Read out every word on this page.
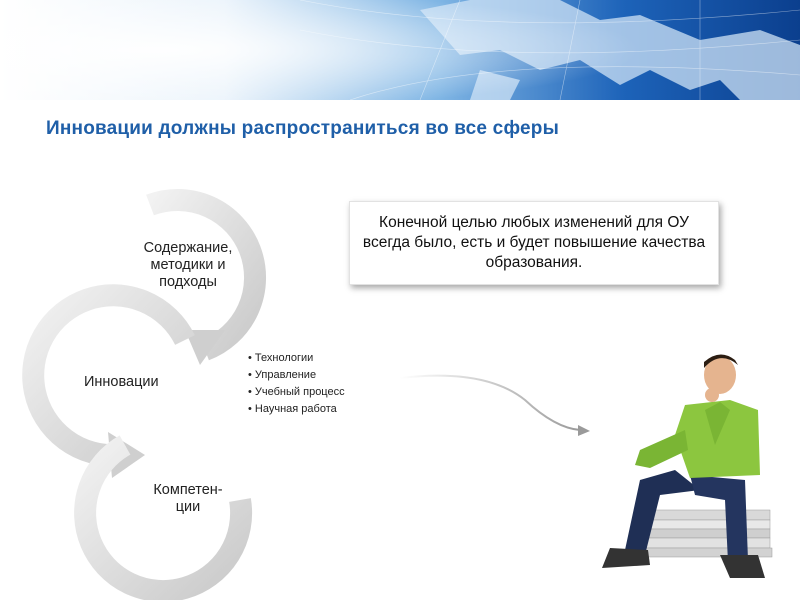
Инновации должны распространиться во все сферы
Содержание,
методики и
подходы
Инновации
Компетен-
ции
• Технологии
• Управление
• Учебный процесс
• Научная работа
Конечной целью любых изменений для ОУ всегда было, есть и будет повышение качества образования.
